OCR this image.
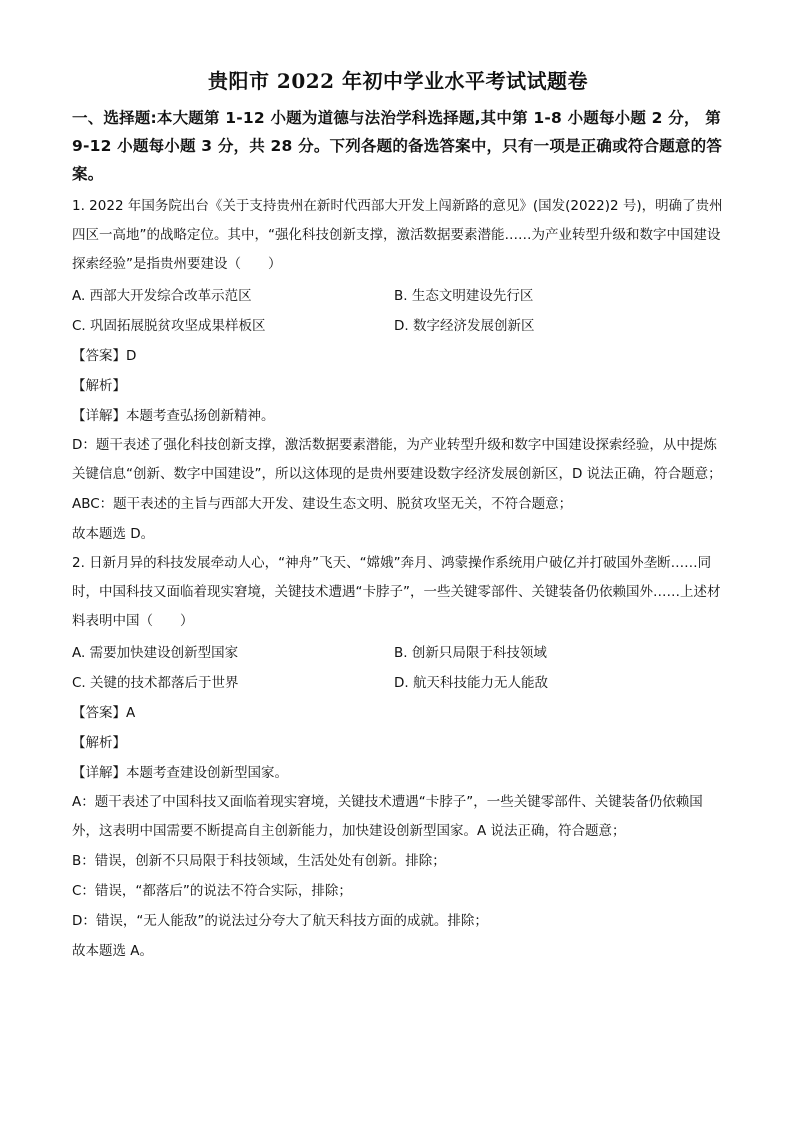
贵阳市 2022 年初中学业水平考试试题卷

一、选择题:本大题第 1-12 小题为道德与法治学科选择题,其中第 1-8 小题每小题 2 分， 第 9-12 小题每小题 3 分，共 28 分。下列各题的备选答案中，只有一项是正确或符合题意的答案。

1. 2022 年国务院出台《关于支持贵州在新时代西部大开发上闯新路的意见》(国发(2022)2 号)，明确了贵州四区一高地”的战略定位。其中，“强化科技创新支撑，激活数据要素潜能……为产业转型升级和数字中国建设探索经验”是指贵州要建设（　　）

A. 西部大开发综合改革示范区	B. 生态文明建设先行区
C. 巩固拓展脱贫攻坚成果样板区	D. 数字经济发展创新区

【答案】D

【解析】

【详解】本题考查弘扬创新精神。

D：题干表述了强化科技创新支撑，激活数据要素潜能，为产业转型升级和数字中国建设探索经验，从中提炼关键信息“创新、数字中国建设”，所以这体现的是贵州要建设数字经济发展创新区，D 说法正确，符合题意；

ABC：题干表述的主旨与西部大开发、建设生态文明、脱贫攻坚无关，不符合题意；

故本题选 D。

2. 日新月异的科技发展牵动人心，“神舟”飞天、“嫦娥”奔月、鸿蒙操作系统用户破亿并打破国外垄断……同时，中国科技又面临着现实窘境，关键技术遭遇“卡脖子”，一些关键零部件、关键装备仍依赖国外……上述材料表明中国（　　）

A. 需要加快建设创新型国家	B. 创新只局限于科技领域
C. 关键的技术都落后于世界	D. 航天科技能力无人能敌

【答案】A

【解析】

【详解】本题考查建设创新型国家。

A：题干表述了中国科技又面临着现实窘境，关键技术遭遇“卡脖子”，一些关键零部件、关键装备仍依赖国外，这表明中国需要不断提高自主创新能力，加快建设创新型国家。A 说法正确，符合题意；

B：错误，创新不只局限于科技领域，生活处处有创新。排除；

C：错误，“都落后”的说法不符合实际，排除；

D：错误，“无人能敌”的说法过分夸大了航天科技方面的成就。排除；

故本题选 A。
